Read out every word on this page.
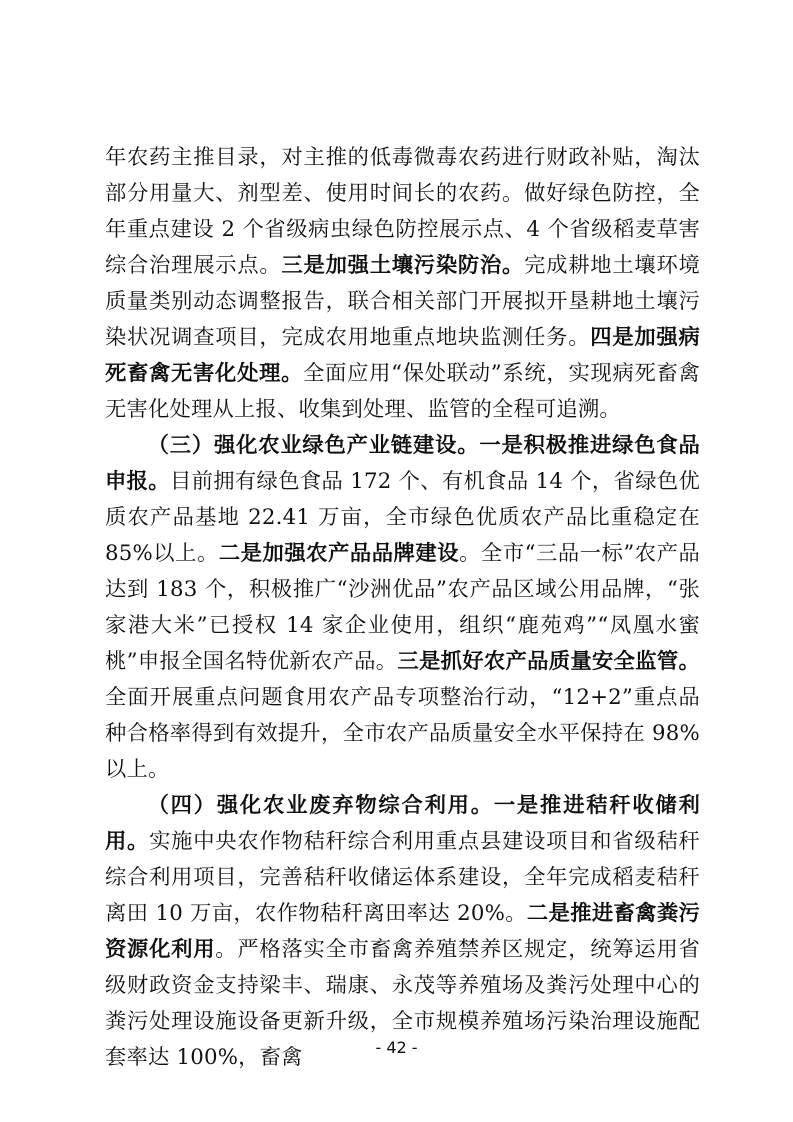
年农药主推目录，对主推的低毒微毒农药进行财政补贴，淘汰部分用量大、剂型差、使用时间长的农药。做好绿色防控，全年重点建设 2 个省级病虫绿色防控展示点、4 个省级稻麦草害综合治理展示点。三是加强土壤污染防治。完成耕地土壤环境质量类别动态调整报告，联合相关部门开展拟开垦耕地土壤污染状况调查项目，完成农用地重点地块监测任务。四是加强病死畜禽无害化处理。全面应用“保处联动”系统，实现病死畜禽无害化处理从上报、收集到处理、监管的全程可追溯。

（三）强化农业绿色产业链建设。一是积极推进绿色食品申报。目前拥有绿色食品 172 个、有机食品 14 个，省绿色优质农产品基地 22.41 万亩，全市绿色优质农产品比重稳定在 85%以上。二是加强农产品品牌建设。全市“三品一标”农产品达到 183 个，积极推广“沙洲优品”农产品区域公用品牌，“张家港大米”已授权 14 家企业使用，组织“鹿苑鸡”“凤凰水蜜桃”申报全国名特优新农产品。三是抓好农产品质量安全监管。全面开展重点问题食用农产品专项整治行动，“12+2”重点品种合格率得到有效提升，全市农产品质量安全水平保持在 98%以上。

（四）强化农业废弃物综合利用。一是推进秸秆收储利用。实施中央农作物秸秆综合利用重点县建设项目和省级秸秆综合利用项目，完善秸秆收储运体系建设，全年完成稻麦秸秆离田 10 万亩，农作物秸秆离田率达 20%。二是推进畜禽粪污资源化利用。严格落实全市畜禽养殖禁养区规定，统筹运用省级财政资金支持梁丰、瑞康、永茂等养殖场及粪污处理中心的粪污处理设施设备更新升级，全市规模养殖场污染治理设施配套率达 100%，畜禽	- 42 -
